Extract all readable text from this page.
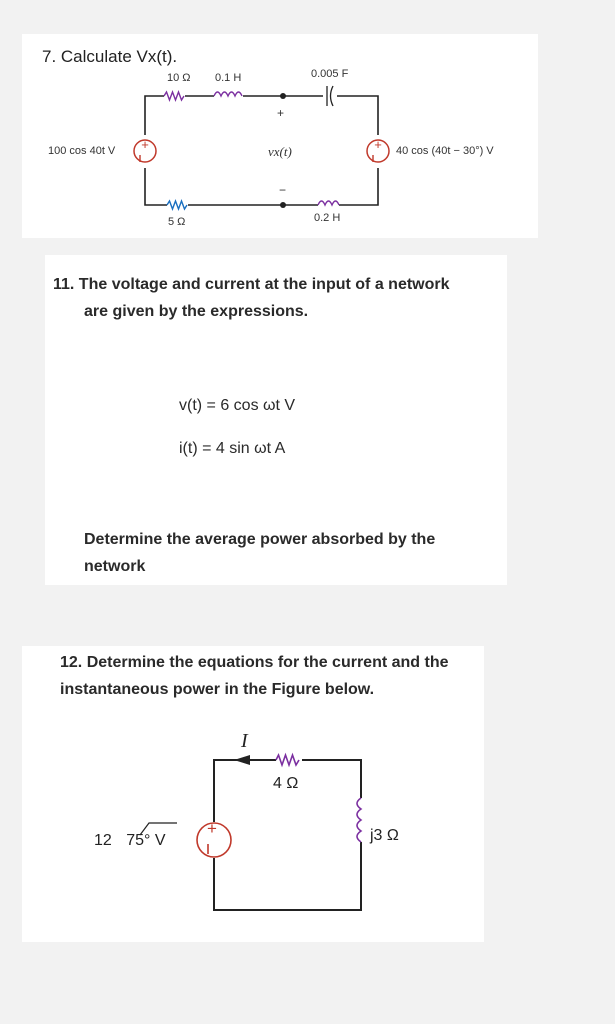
7. Calculate Vx(t).
+	+
10 Ω 0.1 H	0.005 F
100 cos 40t V	40 cos (40t − 30°) V
+
vx(t)
−
5 Ω	0.2 H
11. The voltage and current at the input of a network
are given by the expressions.
v(t) = 6 cos ωt V
i(t) = 4 sin ωt A
Determine the average power absorbed by the
network
12. Determine the equations for the current and the
instantaneous power in the Figure below.
I
4 Ω
+
12 75° V	j3 Ω
